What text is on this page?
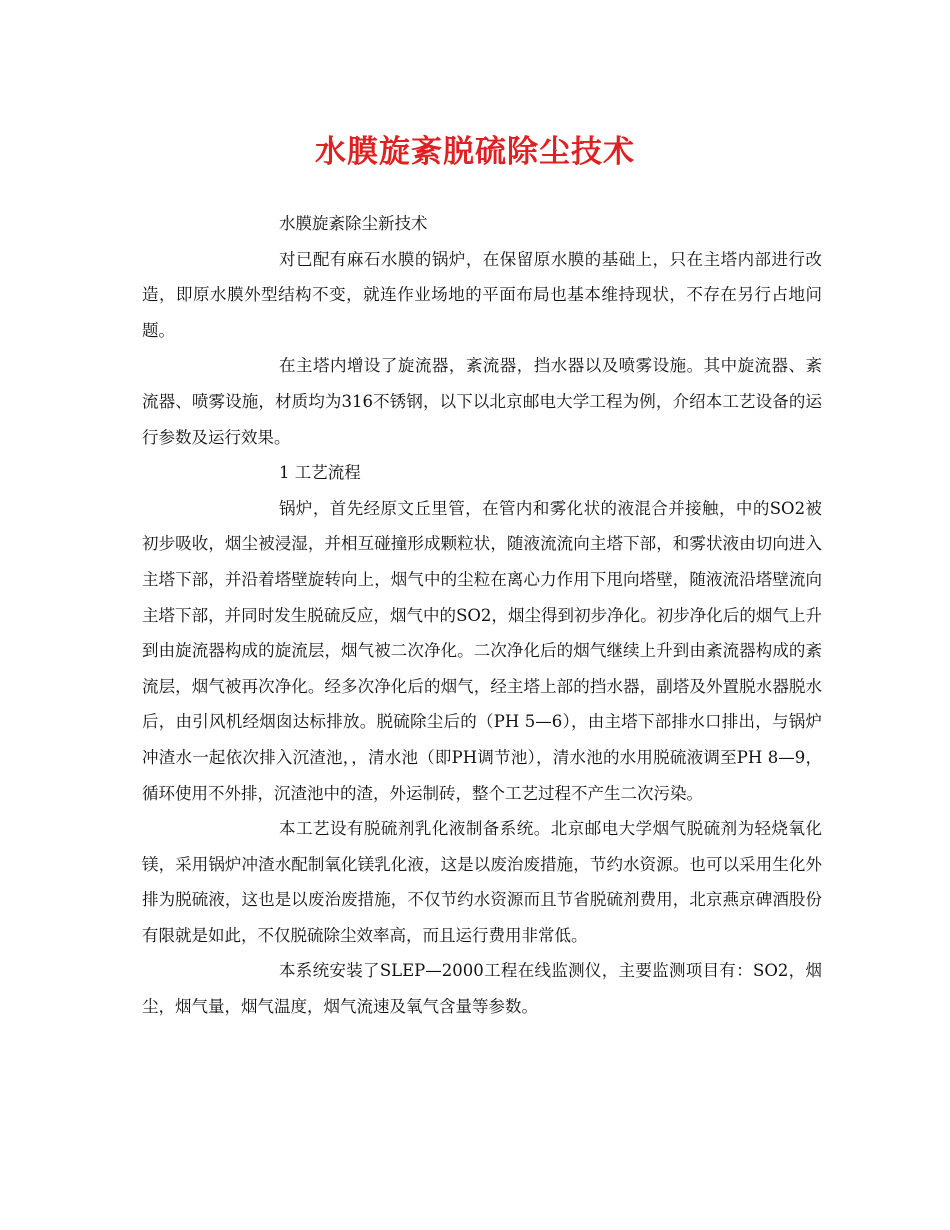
水膜旋紊脱硫除尘技术

水膜旋紊除尘新技术

对已配有麻石水膜的锅炉，在保留原水膜的基础上，只在主塔内部进行改造，即原水膜外型结构不变，就连作业场地的平面布局也基本维持现状，不存在另行占地问题。

在主塔内增设了旋流器，紊流器，挡水器以及喷雾设施。其中旋流器、紊流器、喷雾设施，材质均为316不锈钢，以下以北京邮电大学工程为例，介绍本工艺设备的运行参数及运行效果。

1 工艺流程

锅炉，首先经原文丘里管，在管内和雾化状的液混合并接触，中的SO2被初步吸收，烟尘被浸湿，并相互碰撞形成颗粒状，随液流流向主塔下部，和雾状液由切向进入主塔下部，并沿着塔壁旋转向上，烟气中的尘粒在离心力作用下甩向塔壁，随液流沿塔壁流向主塔下部，并同时发生脱硫反应，烟气中的SO2，烟尘得到初步净化。初步净化后的烟气上升到由旋流器构成的旋流层，烟气被二次净化。二次净化后的烟气继续上升到由紊流器构成的紊流层，烟气被再次净化。经多次净化后的烟气，经主塔上部的挡水器，副塔及外置脱水器脱水后，由引风机经烟囱达标排放。脱硫除尘后的（PH 5—6），由主塔下部排水口排出，与锅炉冲渣水一起依次排入沉渣池，，清水池（即PH调节池），清水池的水用脱硫液调至PH 8—9，循环使用不外排，沉渣池中的渣，外运制砖，整个工艺过程不产生二次污染。

本工艺设有脱硫剂乳化液制备系统。北京邮电大学烟气脱硫剂为轻烧氧化镁，采用锅炉冲渣水配制氧化镁乳化液，这是以废治废措施，节约水资源。也可以采用生化外排为脱硫液，这也是以废治废措施，不仅节约水资源而且节省脱硫剂费用，北京燕京碑酒股份有限就是如此，不仅脱硫除尘效率高，而且运行费用非常低。

本系统安装了SLEP—2000工程在线监测仪，主要监测项目有：SO2，烟尘，烟气量，烟气温度，烟气流速及氧气含量等参数。
